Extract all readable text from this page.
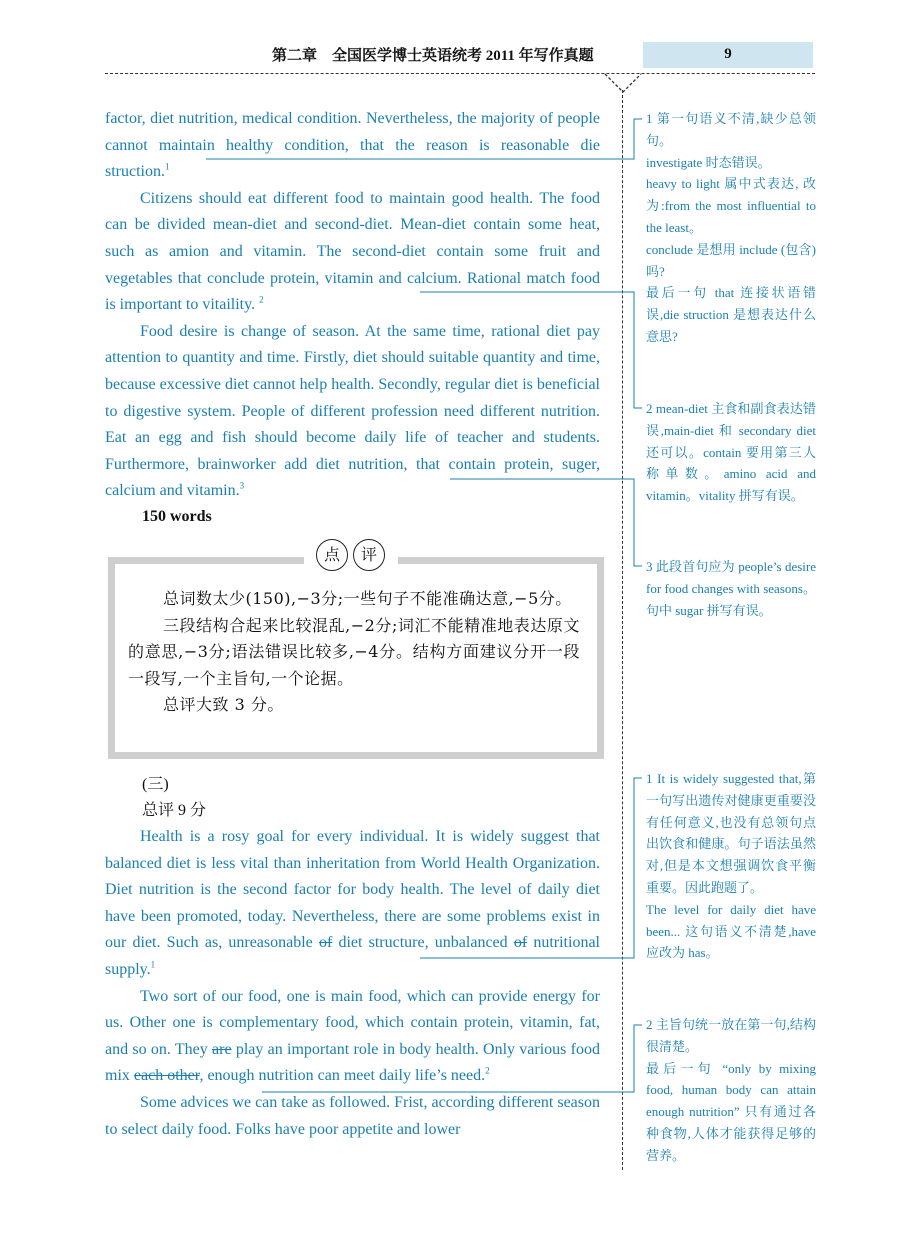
第二章　全国医学博士英语统考 2011 年写作真题	9

factor, diet nutrition, medical condition. Nevertheless, the majority of people cannot maintain healthy condition, that the reason is reasonable die struction.$^1$

Citizens should eat different food to maintain good health. The food can be divided mean-diet and second-diet. Mean-diet contain some heat, such as amion and vitamin. The second-diet contain some fruit and vegetables that conclude protein, vitamin and calcium. Rational match food is important to vitaility. $^2$

Food desire is change of season. At the same time, rational diet pay attention to quantity and time. Firstly, diet should suitable quantity and time, because excessive diet cannot help health. Secondly, regular diet is beneficial to digestive system. People of different profession need different nutrition. Eat an egg and fish should become daily life of teacher and students. Furthermore, brainworker add diet nutrition, that contain protein, suger, calcium and vitamin.$^3$

150 words
点	评

总词数太少(150),−3分;一些句子不能准确达意,−5分。

三段结构合起来比较混乱,−2分;词汇不能精准地表达原文的意思,−3分;语法错误比较多,−4分。结构方面建议分开一段一段写,一个主旨句,一个论据。

总评大致 3 分。

(三)
总评 9 分

Health is a rosy goal for every individual. It is widely suggest that balanced diet is less vital than inheritation from World Health Organization. Diet nutrition is the second factor for body health. The level of daily diet have been promoted, today. Nevertheless, there are some problems exist in our diet. Such as, unreasonable of diet structure, unbalanced of nutritional supply.$^1$

Two sort of our food, one is main food, which can provide energy for us. Other one is complementary food, which contain protein, vitamin, fat, and so on. They are play an important role in body health. Only various food mix each other, enough nutrition can meet daily life’s need.$^2$

Some advices we can take as followed. Frist, according different season to select daily food. Folks have poor appetite and lower

1 第一句语义不清,缺少总领句。

investigate 时态错误。

heavy to light 属中式表达, 改为:from the most influential to the least。

conclude 是想用 include (包含)吗?

最后一句 that 连接状语错误,die struction 是想表达什么意思?

2 mean-diet 主食和副食表达错误,main-diet 和 secondary diet 还可以。contain 要用第三人称单数。amino acid and vitamin。vitality 拼写有误。

3 此段首句应为 people’s desire for food changes with seasons。句中 sugar 拼写有误。

1 It is widely suggested that,第一句写出遗传对健康更重要没有任何意义,也没有总领句点出饮食和健康。句子语法虽然对,但是本文想强调饮食平衡重要。因此跑题了。

The level for daily diet have been... 这句语义不清楚,have 应改为 has。

2 主旨句统一放在第一句,结构很清楚。

最后一句 “only by mixing food, human body can attain enough nutrition” 只有通过各种食物,人体才能获得足够的营养。
